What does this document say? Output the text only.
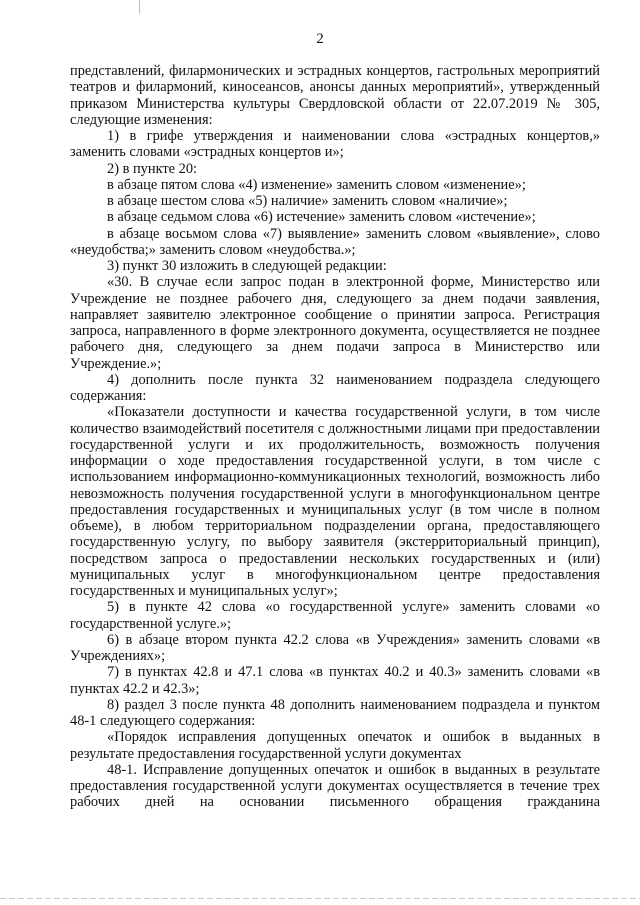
2

представлений, филармонических и эстрадных концертов, гастрольных мероприятий театров и филармоний, киносеансов, анонсы данных мероприятий», утвержденный приказом Министерства культуры Свердловской области от 22.07.2019 № 305, следующие изменения:

1) в грифе утверждения и наименовании слова «эстрадных концертов,» заменить словами «эстрадных концертов и»;

2) в пункте 20:

в абзаце пятом слова «4) изменение» заменить словом «изменение»;

в абзаце шестом слова «5) наличие» заменить словом «наличие»;

в абзаце седьмом слова «6) истечение» заменить словом «истечение»;

в абзаце восьмом слова «7) выявление» заменить словом «выявление», слово «неудобства;» заменить словом «неудобства.»;

3) пункт 30 изложить в следующей редакции:

«30. В случае если запрос подан в электронной форме, Министерство или Учреждение не позднее рабочего дня, следующего за днем подачи заявления, направляет заявителю электронное сообщение о принятии запроса. Регистрация запроса, направленного в форме электронного документа, осуществляется не позднее рабочего дня, следующего за днем подачи запроса в Министерство или Учреждение.»;

4) дополнить после пункта 32 наименованием подраздела следующего содержания:

«Показатели доступности и качества государственной услуги, в том числе количество взаимодействий посетителя с должностными лицами при предоставлении государственной услуги и их продолжительность, возможность получения информации о ходе предоставления государственной услуги, в том числе с использованием информационно-коммуникационных технологий, возможность либо невозможность получения государственной услуги в многофункциональном центре предоставления государственных и муниципальных услуг (в том числе в полном объеме), в любом территориальном подразделении органа, предоставляющего государственную услугу, по выбору заявителя (экстерриториальный принцип), посредством запроса о предоставлении нескольких государственных и (или) муниципальных услуг в многофункциональном центре предоставления государственных и муниципальных услуг»;

5) в пункте 42 слова «о государственной услуге» заменить словами «о государственной услуге.»;

6) в абзаце втором пункта 42.2 слова «в Учреждения» заменить словами «в Учреждениях»;

7) в пунктах 42.8 и 47.1 слова «в пунктах 40.2 и 40.3» заменить словами «в пунктах 42.2 и 42.3»;

8) раздел 3 после пункта 48 дополнить наименованием подраздела и пунктом 48-1 следующего содержания:

«Порядок исправления допущенных опечаток и ошибок в выданных в результате предоставления государственной услуги документах

48-1. Исправление допущенных опечаток и ошибок в выданных в результате предоставления государственной услуги документах осуществляется в течение трех рабочих дней на основании письменного обращения гражданина
